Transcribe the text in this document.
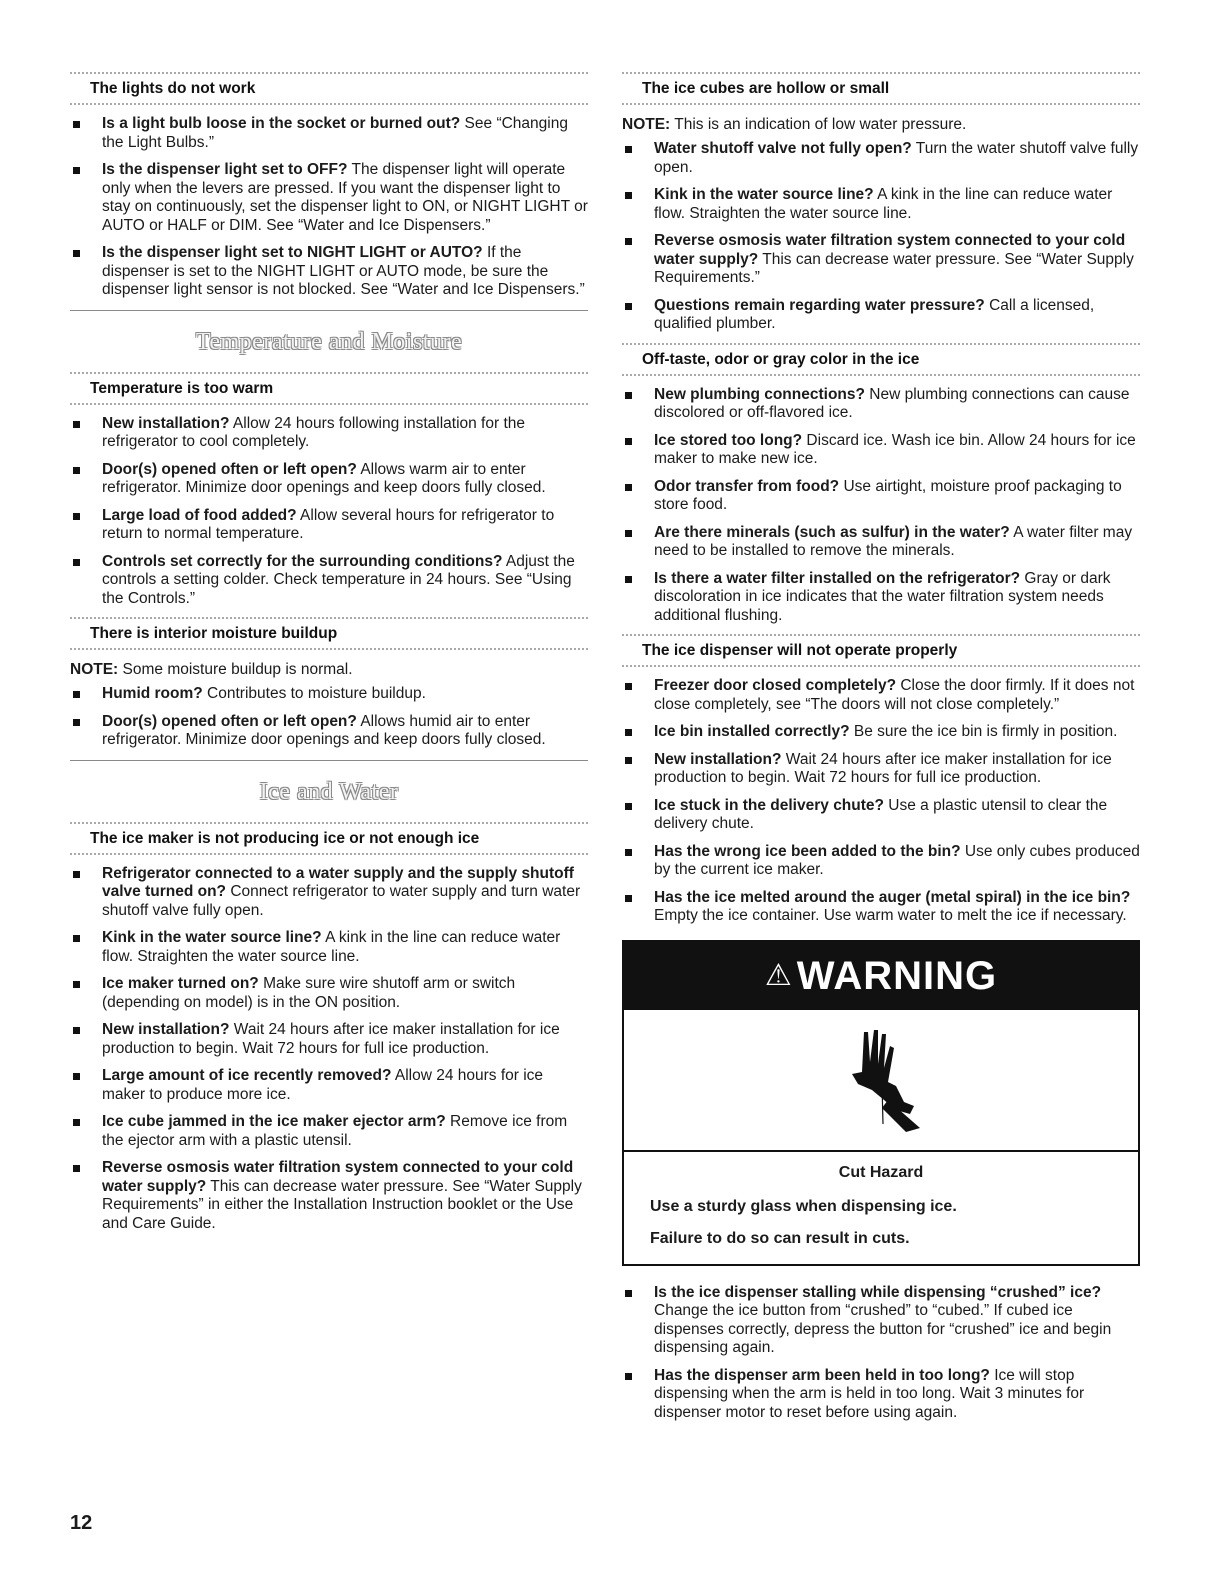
The lights do not work
Is a light bulb loose in the socket or burned out? See “Changing the Light Bulbs.”
Is the dispenser light set to OFF? The dispenser light will operate only when the levers are pressed. If you want the dispenser light to stay on continuously, set the dispenser light to ON, or NIGHT LIGHT or AUTO or HALF or DIM. See “Water and Ice Dispensers.”
Is the dispenser light set to NIGHT LIGHT or AUTO? If the dispenser is set to the NIGHT LIGHT or AUTO mode, be sure the dispenser light sensor is not blocked. See “Water and Ice Dispensers.”
Temperature and Moisture
Temperature is too warm
New installation? Allow 24 hours following installation for the refrigerator to cool completely.
Door(s) opened often or left open? Allows warm air to enter refrigerator. Minimize door openings and keep doors fully closed.
Large load of food added? Allow several hours for refrigerator to return to normal temperature.
Controls set correctly for the surrounding conditions? Adjust the controls a setting colder. Check temperature in 24 hours. See “Using the Controls.”
There is interior moisture buildup

NOTE: Some moisture buildup is normal.

Humid room? Contributes to moisture buildup.
Door(s) opened often or left open? Allows humid air to enter refrigerator. Minimize door openings and keep doors fully closed.
Ice and Water
The ice maker is not producing ice or not enough ice
Refrigerator connected to a water supply and the supply shutoff valve turned on? Connect refrigerator to water supply and turn water shutoff valve fully open.
Kink in the water source line? A kink in the line can reduce water flow. Straighten the water source line.
Ice maker turned on? Make sure wire shutoff arm or switch (depending on model) is in the ON position.
New installation? Wait 24 hours after ice maker installation for ice production to begin. Wait 72 hours for full ice production.
Large amount of ice recently removed? Allow 24 hours for ice maker to produce more ice.
Ice cube jammed in the ice maker ejector arm? Remove ice from the ejector arm with a plastic utensil.
Reverse osmosis water filtration system connected to your cold water supply? This can decrease water pressure. See “Water Supply Requirements” in either the Installation Instruction booklet or the Use and Care Guide.
The ice cubes are hollow or small

NOTE: This is an indication of low water pressure.

Water shutoff valve not fully open? Turn the water shutoff valve fully open.
Kink in the water source line? A kink in the line can reduce water flow. Straighten the water source line.
Reverse osmosis water filtration system connected to your cold water supply? This can decrease water pressure. See “Water Supply Requirements.”
Questions remain regarding water pressure? Call a licensed, qualified plumber.
Off-taste, odor or gray color in the ice
New plumbing connections? New plumbing connections can cause discolored or off-flavored ice.
Ice stored too long? Discard ice. Wash ice bin. Allow 24 hours for ice maker to make new ice.
Odor transfer from food? Use airtight, moisture proof packaging to store food.
Are there minerals (such as sulfur) in the water? A water filter may need to be installed to remove the minerals.
Is there a water filter installed on the refrigerator? Gray or dark discoloration in ice indicates that the water filtration system needs additional flushing.
The ice dispenser will not operate properly
Freezer door closed completely? Close the door firmly. If it does not close completely, see “The doors will not close completely.”
Ice bin installed correctly? Be sure the ice bin is firmly in position.
New installation? Wait 24 hours after ice maker installation for ice production to begin. Wait 72 hours for full ice production.
Ice stuck in the delivery chute? Use a plastic utensil to clear the delivery chute.
Has the wrong ice been added to the bin? Use only cubes produced by the current ice maker.
Has the ice melted around the auger (metal spiral) in the ice bin? Empty the ice container. Use warm water to melt the ice if necessary.
⚠ WARNING
Cut Hazard
Use a sturdy glass when dispensing ice.
Failure to do so can result in cuts.
Is the ice dispenser stalling while dispensing “crushed” ice? Change the ice button from “crushed” to “cubed.” If cubed ice dispenses correctly, depress the button for “crushed” ice and begin dispensing again.
Has the dispenser arm been held in too long? Ice will stop dispensing when the arm is held in too long. Wait 3 minutes for dispenser motor to reset before using again.
12
